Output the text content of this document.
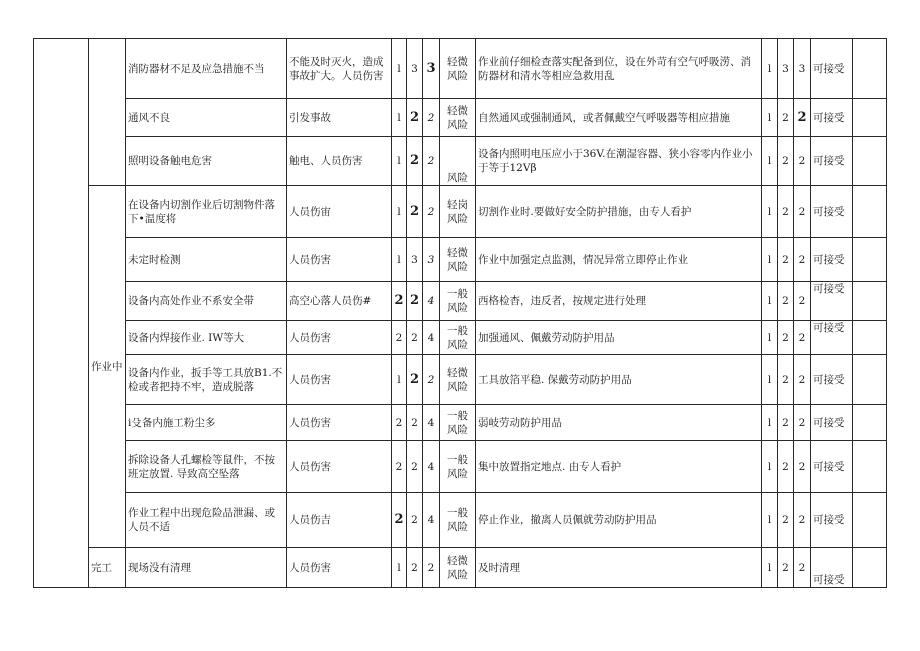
		消防器材不足及应急措施不当	不能及时灭火，造成事故扩大。人员伤害	l	3	3	轻微风险	作业前仔细检查落实配备到位，设在外苛有空气呼吸涝、消防器材和清水等相应急救用乱	l	3	3	可接受	
		通风不良	引发事故	l	2	2	轻微风险	自然通风或强制通风，或者佩戴空气呼吸器等相应措施	l	2	2	可接受	
		照明设备触电危害	触电、人员伤害	l	2	2	风险	设备内照明电压应小于36V.在潮湿容器、狭小容零内作业小于等于12Vβ	l	2	2	可接受	
	作业中	在设备内切割作业后切割物件落下•温度将	人员伤宙	l	2	2	轻岗风险	切割作业时.要做好安全防护措施，由专人看护	l	2	2	可接受	
		未定时检测	人员伤害	l	3	3	轻微风险	作业中加强定点监测，情况异常立即停止作业	l	2	2	可接受	
		设备内高处作业不系安全带	高空心落人员伤#	2	2	4	一般风险	西格检杳，违反者，按规定进行处理	l	2	2	可接受	
		设备内焊接作业. IW等大	人员伤害	2	2	4	一般风险	加强通风、佩戴劳动防护用品	l	2	2	可接受	
		设备内作业，扳手等工具放B1.不检或者把持不牢，造成脱落	人员伤害	l	2	2	轻微风险	工具放箔平稳. 保戴劳动防护用品	l	2	2	可接受	
		i殳备内施工粉尘多	人员伤害	2	2	4	一般风险	弱岐劳动防护用品	l	2	2	可接受	
		拆除设备人孔螺检等鼠件，不按班定放置. 导致高空坠落	人员伤害	2	2	4	一般风险	集中放置指定地点. 由专人看护	l	2	2	可接受	
		作业工程中出现危险品泄漏、或人员不适	人员伤吉	2	2	4	一般风险	停止作业，撤离人员佩就劳动防护用品	l	2	2	可接受	
	完工	现场没有清理	人员伤害	l	2	2	轻微风险	及时清理	l	2	2	可接受	
